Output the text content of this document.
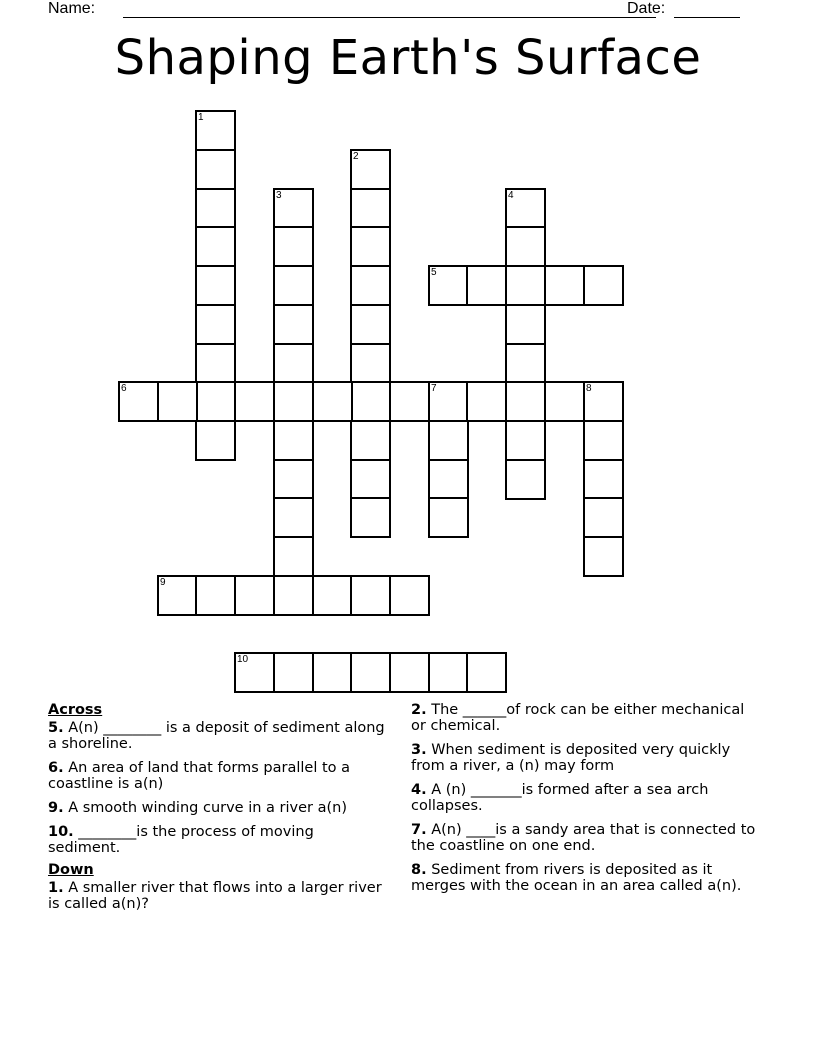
Name:	Date:
Shaping Earth's Surface
1
2
3	4
5
6	7	8
9
10

Across

5. A(n) ________ is a deposit of sediment along a shoreline.

6. An area of land that forms parallel to a coastline is a(n)

9. A smooth winding curve in a river a(n)

10. ________is the process of moving sediment.

Down

1. A smaller river that flows into a larger river is called a(n)?

2. The ______of rock can be either mechanical or chemical.

3. When sediment is deposited very quickly from a river, a (n) may form

4. A (n) _______is formed after a sea arch collapses.

7. A(n) ____is a sandy area that is connected to the coastline on one end.

8. Sediment from rivers is deposited as it merges with the ocean in an area called a(n).
